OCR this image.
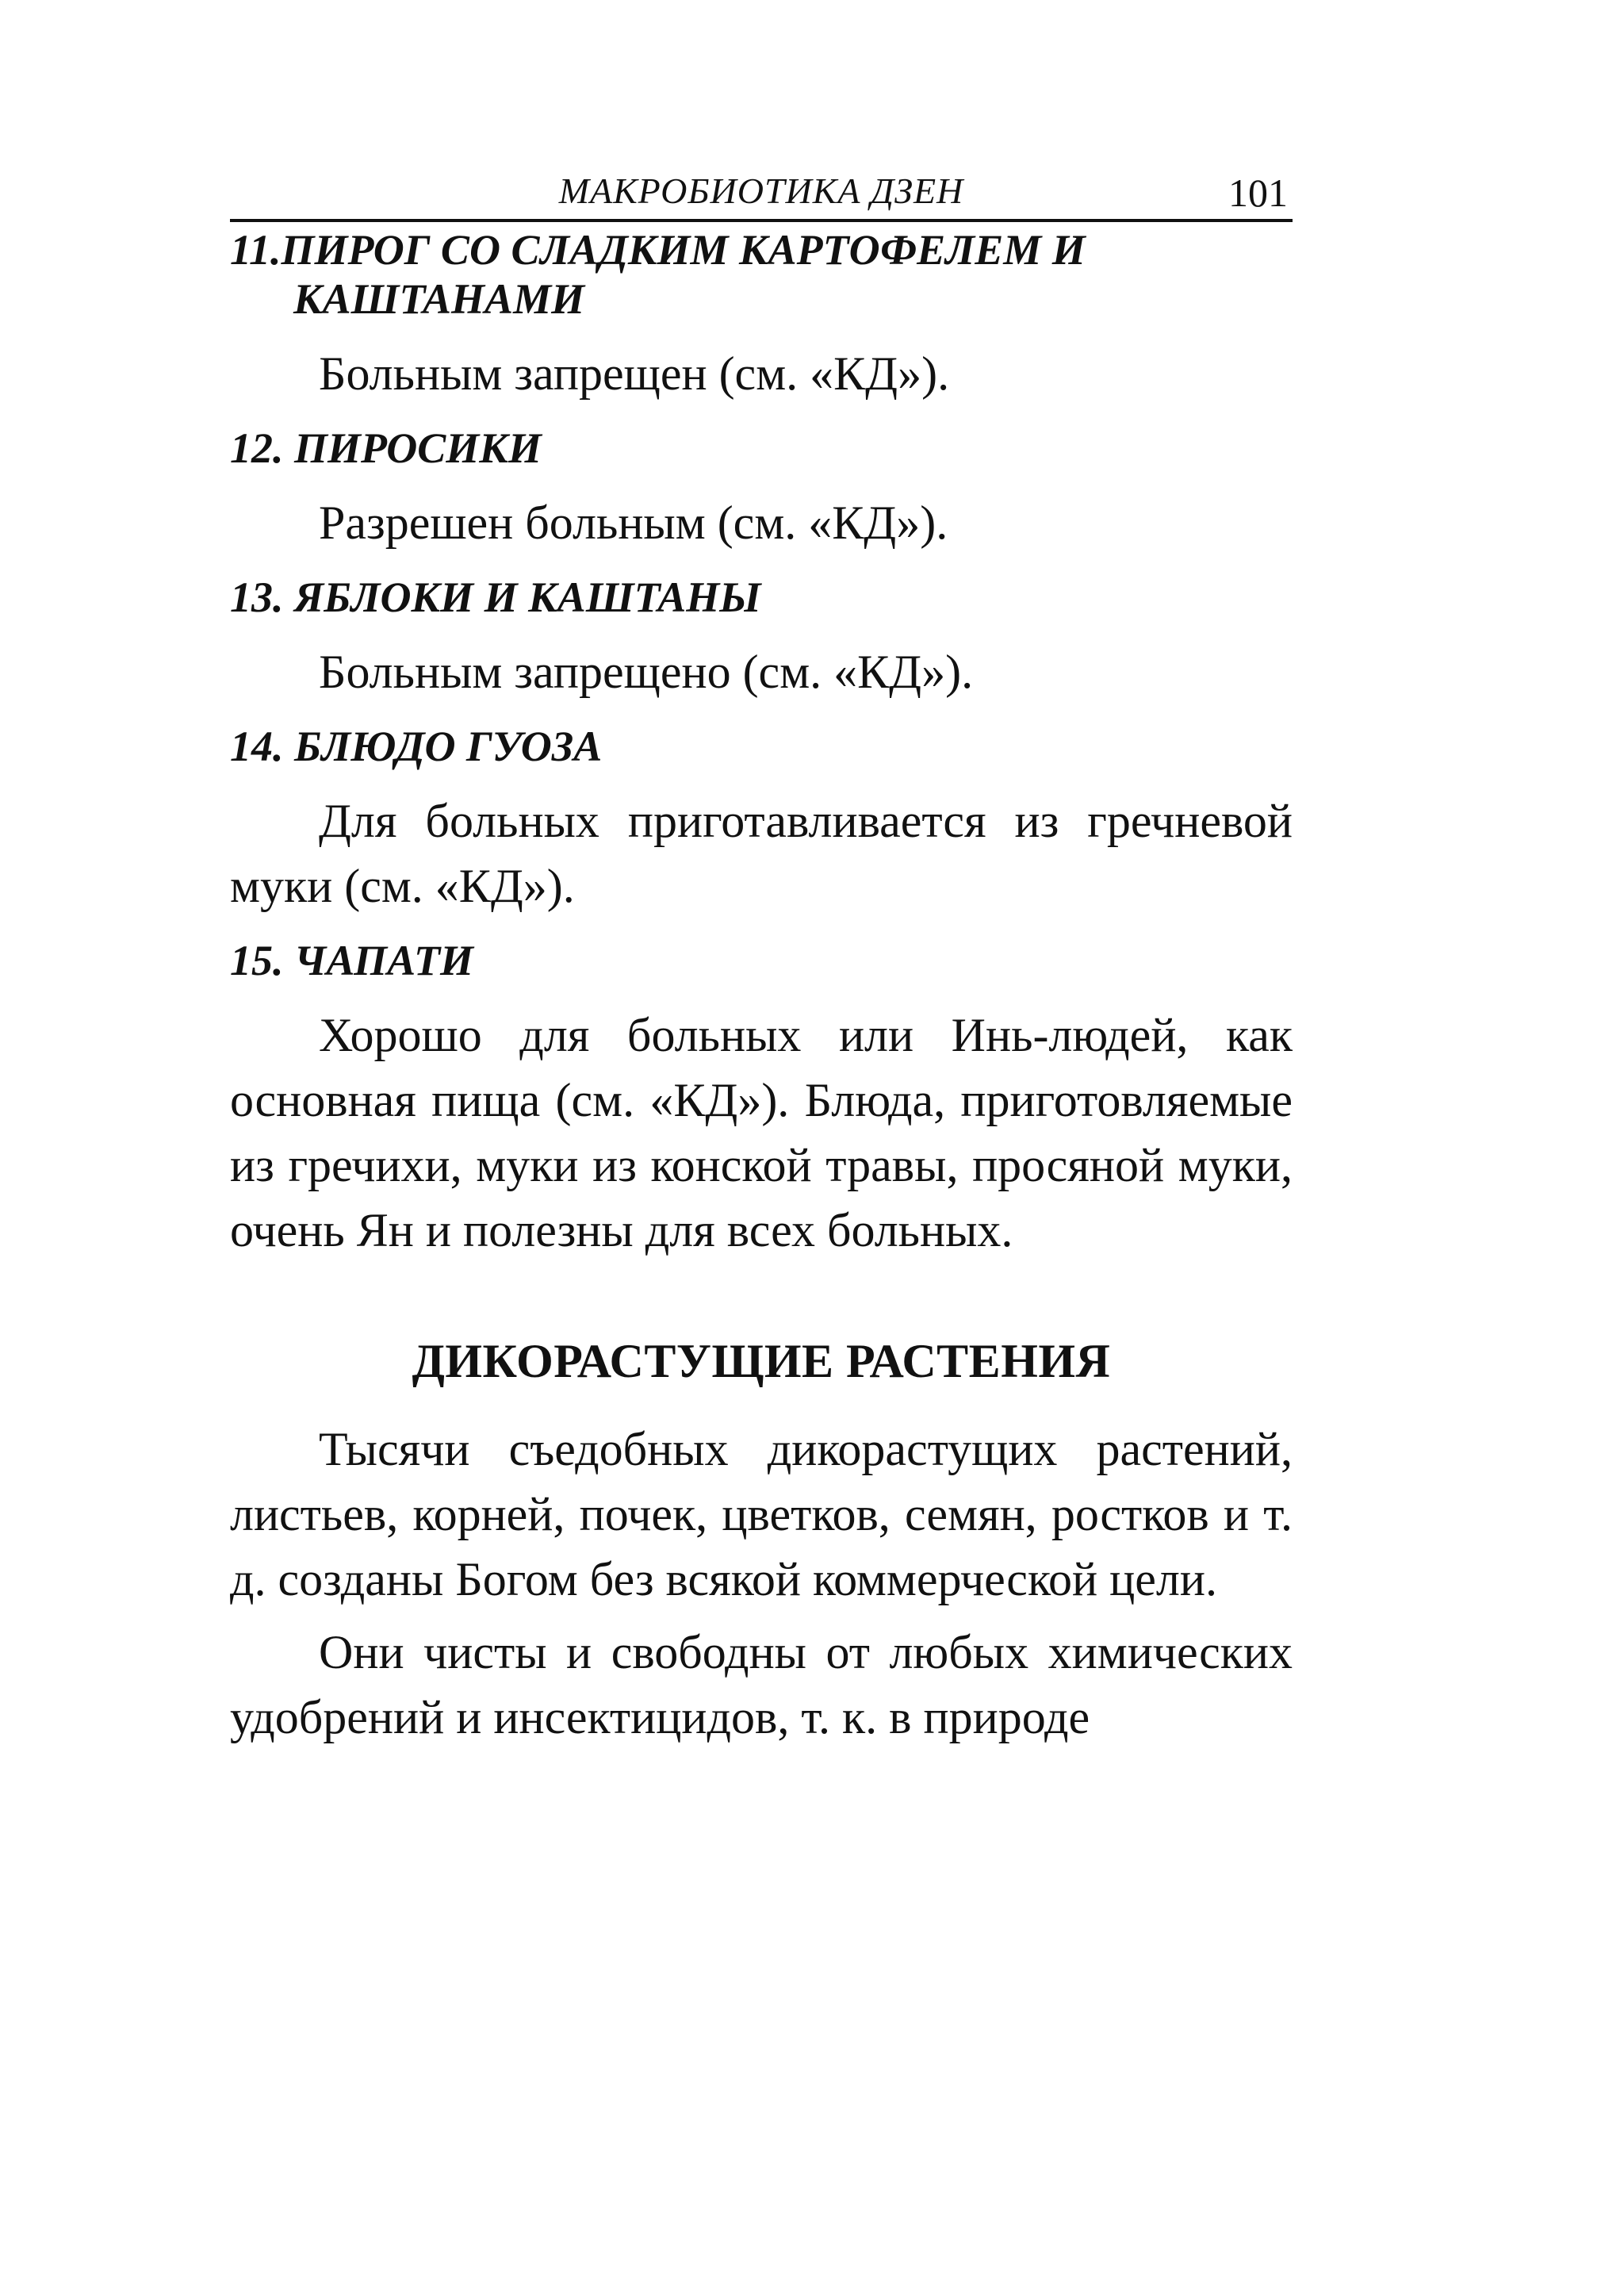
МАКРОБИОТИКА ДЗЕН	101
11.ПИРОГ СО СЛАДКИМ КАРТОФЕЛЕМ И
КАШТАНАМИ

Больным запрещен (см. «КД»).

12. ПИРОСИКИ

Разрешен больным (см. «КД»).

13. ЯБЛОКИ И КАШТАНЫ

Больным запрещено (см. «КД»).

14. БЛЮДО ГУОЗА

Для больных приготавливается из гречневой муки (см. «КД»).

15. ЧАПАТИ

Хорошо для больных или Инь-людей, как основная пища (см. «КД»). Блюда, приготовляемые из гречихи, муки из конской травы, просяной муки, очень Ян и полезны для всех больных.

ДИКОРАСТУЩИЕ РАСТЕНИЯ

Тысячи съедобных дикорастущих растений, листьев, корней, почек, цветков, семян, ростков и т. д. созданы Богом без всякой коммерческой цели.

Они чисты и свободны от любых химических удобрений и инсектицидов, т. к. в природе
